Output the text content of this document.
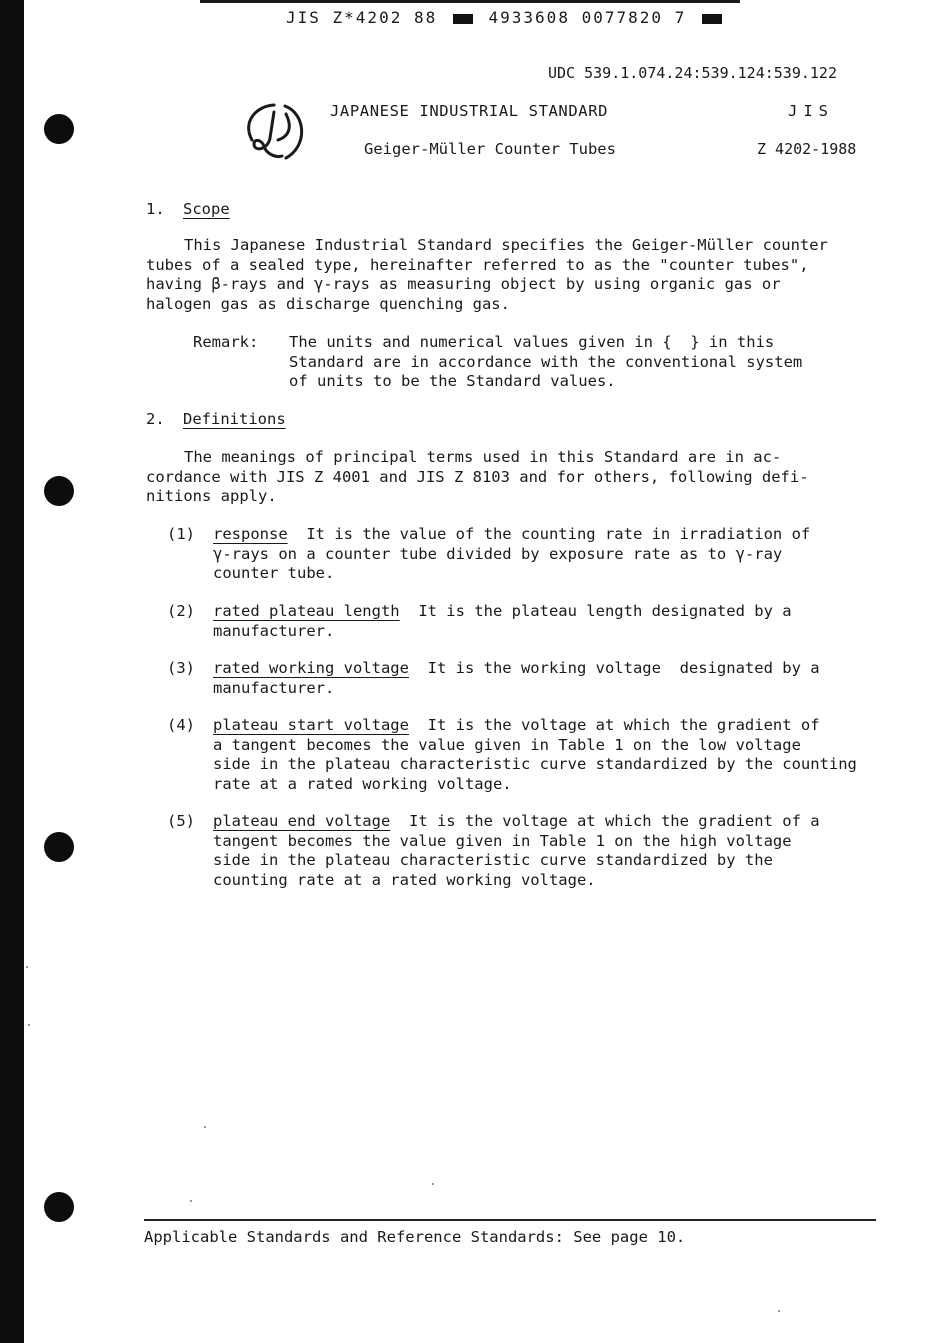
JIS Z*4202 88	4933608 0077820 7
UDC 539.1.074.24:539.124:539.122
JAPANESE INDUSTRIAL STANDARD	JIS
Geiger-Müller Counter Tubes	Z 4202-1988
1. Scope
This Japanese Industrial Standard specifies the Geiger-Müller counter
tubes of a sealed type, hereinafter referred to as the "counter tubes",
having β-rays and γ-rays as measuring object by using organic gas or
halogen gas as discharge quenching gas.
Remark: The units and numerical values given in {  } in this
Standard are in accordance with the conventional system
of units to be the Standard values.
2. Definitions
The meanings of principal terms used in this Standard are in ac-
cordance with JIS Z 4001 and JIS Z 8103 and for others, following defi-
nitions apply.
(1) response It is the value of the counting rate in irradiation of
γ-rays on a counter tube divided by exposure rate as to γ-ray
counter tube.
(2) rated plateau length It is the plateau length designated by a
manufacturer.
(3) rated working voltage It is the working voltage  designated by a
manufacturer.
(4) plateau start voltage It is the voltage at which the gradient of
a tangent becomes the value given in Table 1 on the low voltage
side in the plateau characteristic curve standardized by the counting
rate at a rated working voltage.
(5) plateau end voltage It is the voltage at which the gradient of a
tangent becomes the value given in Table 1 on the high voltage
side in the plateau characteristic curve standardized by the
counting rate at a rated working voltage.
Applicable Standards and Reference Standards: See page 10.
